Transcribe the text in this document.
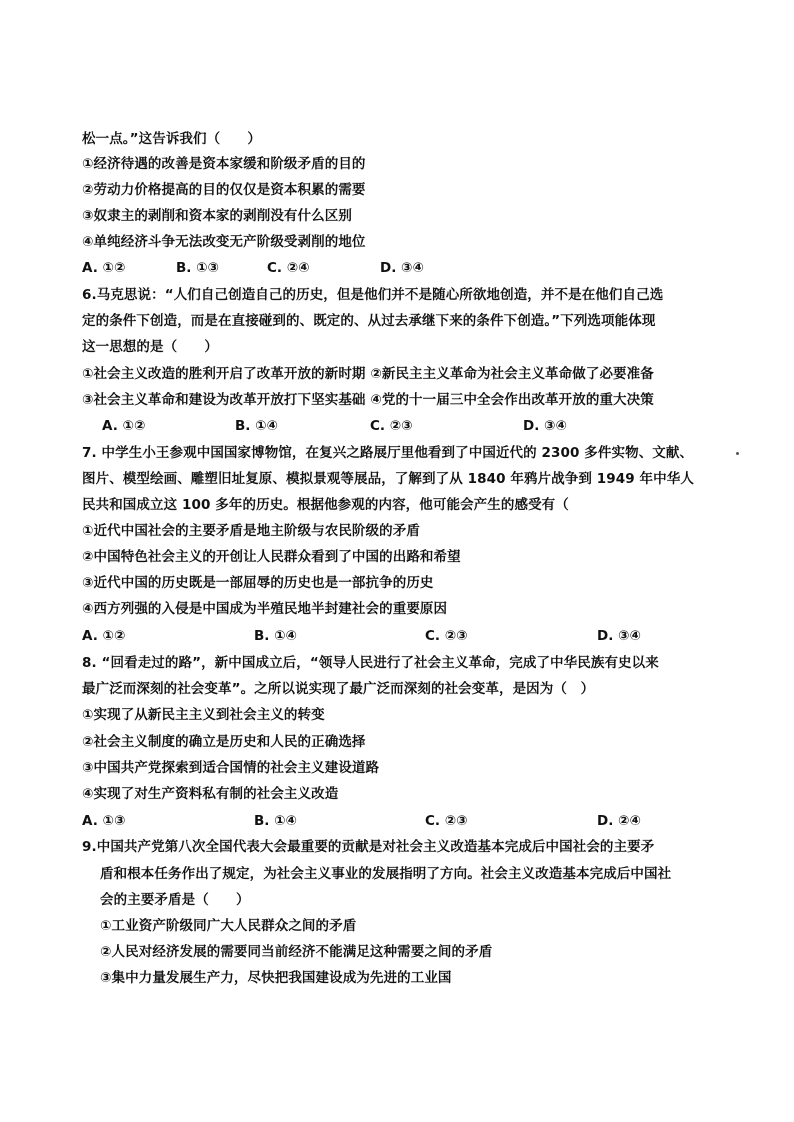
松一点。”这告诉我们（　　）
①经济待遇的改善是资本家缓和阶级矛盾的目的
②劳动力价格提高的目的仅仅是资本积累的需要
③奴隶主的剥削和资本家的剥削没有什么区别
④单纯经济斗争无法改变无产阶级受剥削的地位
A. ①②	B. ①③	C. ②④	D. ③④
6.马克思说：“人们自己创造自己的历史，但是他们并不是随心所欲地创造，并不是在他们自己选
定的条件下创造，而是在直接碰到的、既定的、从过去承继下来的条件下创造。”下列选项能体现
这一思想的是（　　）
①社会主义改造的胜利开启了改革开放的新时期 ②新民主主义革命为社会主义革命做了必要准备
③社会主义革命和建设为改革开放打下坚实基础 ④党的十一届三中全会作出改革开放的重大决策
A. ①②	B. ①④	C. ②③	D. ③④
7. 中学生小王参观中国国家博物馆，在复兴之路展厅里他看到了中国近代的 2300 多件实物、文献、
图片、模型绘画、雕塑旧址复原、模拟景观等展品，了解到了从 1840 年鸦片战争到 1949 年中华人
民共和国成立这 100 多年的历史。根据他参观的内容，他可能会产生的感受有（
①近代中国社会的主要矛盾是地主阶级与农民阶级的矛盾
②中国特色社会主义的开创让人民群众看到了中国的出路和希望
③近代中国的历史既是一部屈辱的历史也是一部抗争的历史
④西方列强的入侵是中国成为半殖民地半封建社会的重要原因
A. ①②	B. ①④	C. ②③	D. ③④
8. “回看走过的路”，新中国成立后，“领导人民进行了社会主义革命，完成了中华民族有史以来
最广泛而深刻的社会变革”。之所以说实现了最广泛而深刻的社会变革，是因为（　）
①实现了从新民主主义到社会主义的转变
②社会主义制度的确立是历史和人民的正确选择
③中国共产党探索到适合国情的社会主义建设道路
④实现了对生产资料私有制的社会主义改造
A. ①③	B. ①④	C. ②③	D. ②④
9.中国共产党第八次全国代表大会最重要的贡献是对社会主义改造基本完成后中国社会的主要矛
盾和根本任务作出了规定，为社会主义事业的发展指明了方向。社会主义改造基本完成后中国社
会的主要矛盾是（　　）
①工业资产阶级同广大人民群众之间的矛盾
②人民对经济发展的需要同当前经济不能满足这种需要之间的矛盾
③集中力量发展生产力，尽快把我国建设成为先进的工业国
